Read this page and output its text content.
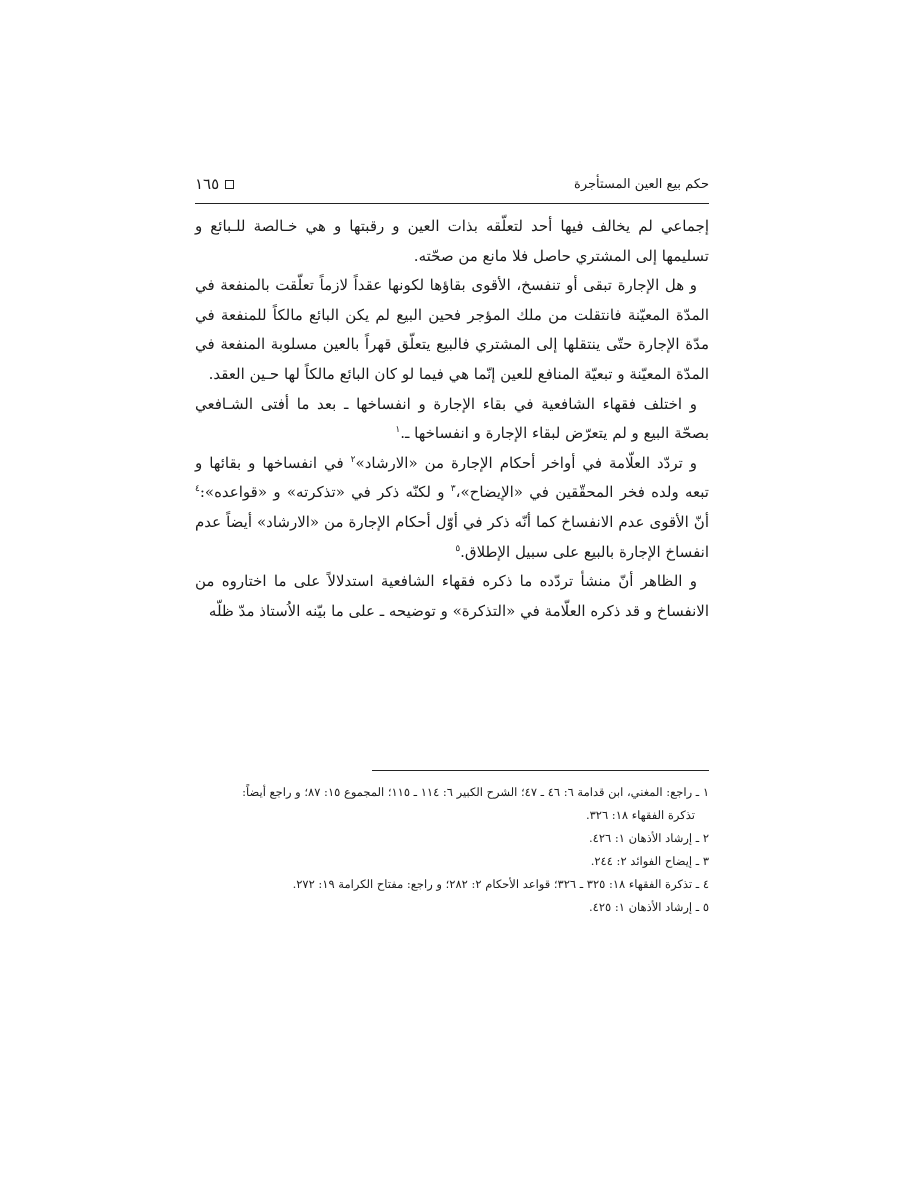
حكم بيع العين المستأجرة
١٦٥

إجماعي لم يخالف فيها أحد لتعلّقه بذات العين و رقبتها و هي خـالصة للـبائع و تسليمها إلى المشتري حاصل فلا مانع من صحّته.

و هل الإجارة تبقى أو تنفسخ، الأقوى بقاؤها لكونها عقداً لازماً تعلّقت بالمنفعة في المدّة المعيّنة فانتقلت من ملك المؤجر فحين البيع لم يكن البائع مالكاً للمنفعة في مدّة الإجارة حتّى ينتقلها إلى المشتري فالبيع يتعلّق قهراً بالعين مسلوبة المنفعة في المدّة المعيّنة و تبعيّة المنافع للعين إنّما هي فيما لو كان البائع مالكاً لها حـين العقد.

و اختلف فقهاء الشافعية في بقاء الإجارة و انفساخها ـ بعد ما أفتى الشـافعي بصحّة البيع و لم يتعرّض لبقاء الإجارة و انفساخها ـ.$^١$

و تردّد العلّامة في أواخر أحكام الإجارة من «الارشاد»$^٢$ في انفساخها و بقائها و تبعه ولده فخر المحقّقين في «الإيضاح»،$^٣$ و لكنّه ذكر في «تذكرته» و «قواعده»:$^٤$ أنّ الأقوى عدم الانفساخ كما أنّه ذكر في أوّل أحكام الإجارة من «الارشاد» أيضاً عدم انفساخ الإجارة بالبيع على سبيل الإطلاق.$^٥$

و الظاهر أنّ منشأ تردّده ما ذكره فقهاء الشافعية استدلالاً على ما اختاروه من الانفساخ و قد ذكره العلّامة في «التذكرة» و توضيحه ـ على ما بيّنه الاُستاذ مدّ ظلّه

١ ـ راجع: المغني، ابن قدامة ٦: ٤٦ ـ ٤٧؛ الشرح الكبير ٦: ١١٤ ـ ١١٥؛ المجموع ١٥: ٨٧؛ و راجع أيضاً:

تذكرة الفقهاء ١٨: ٣٢٦.

٢ ـ إرشاد الأذهان ١: ٤٢٦.

٣ ـ إيضاح الفوائد ٢: ٢٤٤.

٤ ـ تذكرة الفقهاء ١٨: ٣٢٥ ـ ٣٢٦؛ قواعد الأحكام ٢: ٢٨٢؛ و راجع: مفتاح الكرامة ١٩: ٢٧٢.

٥ ـ إرشاد الأذهان ١: ٤٢٥.
